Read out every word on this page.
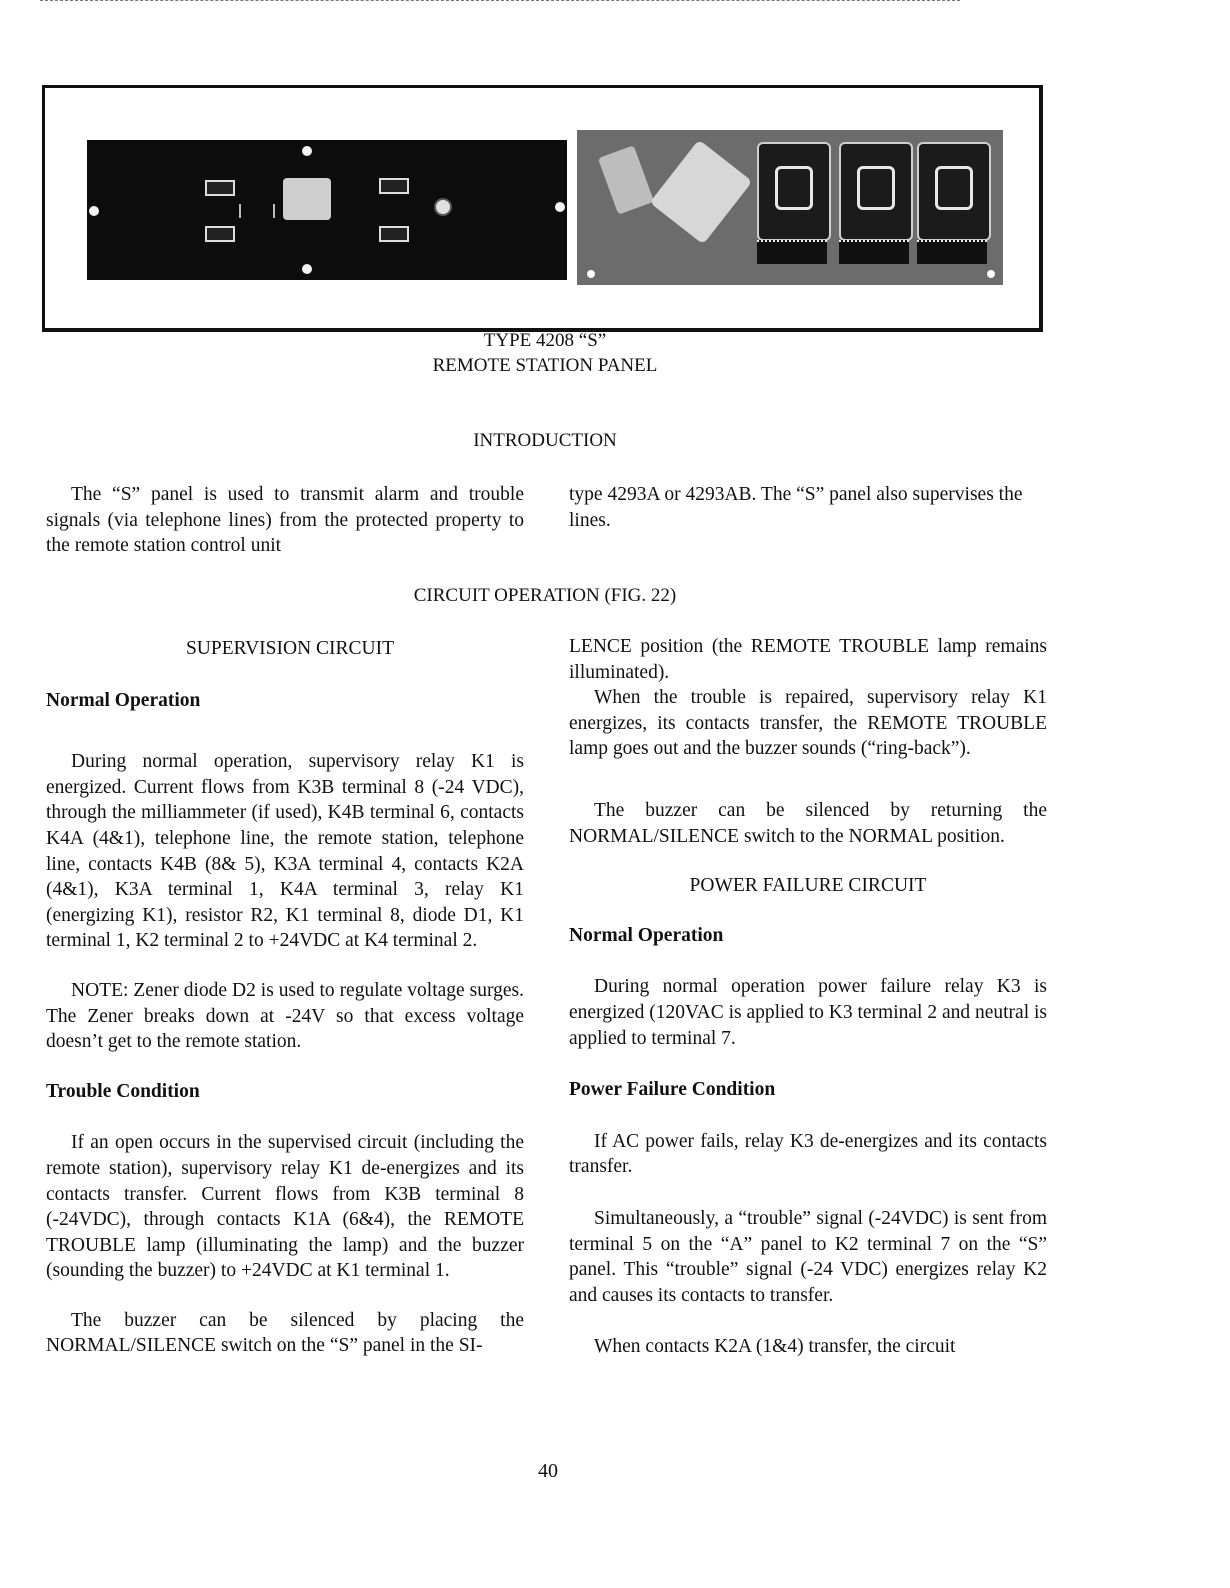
TYPE 4208 “S”
REMOTE STATION PANEL
INTRODUCTION

The “S” panel is used to transmit alarm and trouble signals (via telephone lines) from the protected property to the remote station control unit

type 4293A or 4293AB. The “S” panel also supervises the lines.

CIRCUIT OPERATION (FIG. 22)

SUPERVISION CIRCUIT

Normal Operation

During normal operation, supervisory relay K1 is energized. Current flows from K3B terminal 8 (-24 VDC), through the milliammeter (if used), K4B terminal 6, contacts K4A (4&1), telephone line, the remote station, telephone line, contacts K4B (8& 5), K3A terminal 4, contacts K2A (4&1), K3A terminal 1, K4A terminal 3, relay K1 (energizing K1), resistor R2, K1 terminal 8, diode D1, K1 terminal 1, K2 terminal 2 to +24VDC at K4 terminal 2.

NOTE: Zener diode D2 is used to regulate voltage surges. The Zener breaks down at -24V so that excess voltage doesn’t get to the remote station.

Trouble Condition

If an open occurs in the supervised circuit (including the remote station), supervisory relay K1 de-energizes and its contacts transfer. Current flows from K3B terminal 8 (-24VDC), through contacts K1A (6&4), the REMOTE TROUBLE lamp (illuminating the lamp) and the buzzer (sounding the buzzer) to +24VDC at K1 terminal 1.

The buzzer can be silenced by placing the NORMAL/SILENCE switch on the “S” panel in the SI-

LENCE position (the REMOTE TROUBLE lamp remains illuminated).

When the trouble is repaired, supervisory relay K1 energizes, its contacts transfer, the REMOTE TROUBLE lamp goes out and the buzzer sounds (“ring-back”).

The buzzer can be silenced by returning the NORMAL/SILENCE switch to the NORMAL position.

POWER FAILURE CIRCUIT

Normal Operation

During normal operation power failure relay K3 is energized (120VAC is applied to K3 terminal 2 and neutral is applied to terminal 7.

Power Failure Condition

If AC power fails, relay K3 de-energizes and its contacts transfer.

Simultaneously, a “trouble” signal (-24VDC) is sent from terminal 5 on the “A” panel to K2 terminal 7 on the “S” panel. This “trouble” signal (-24 VDC) energizes relay K2 and causes its contacts to transfer.

When contacts K2A (1&4) transfer, the circuit

40
